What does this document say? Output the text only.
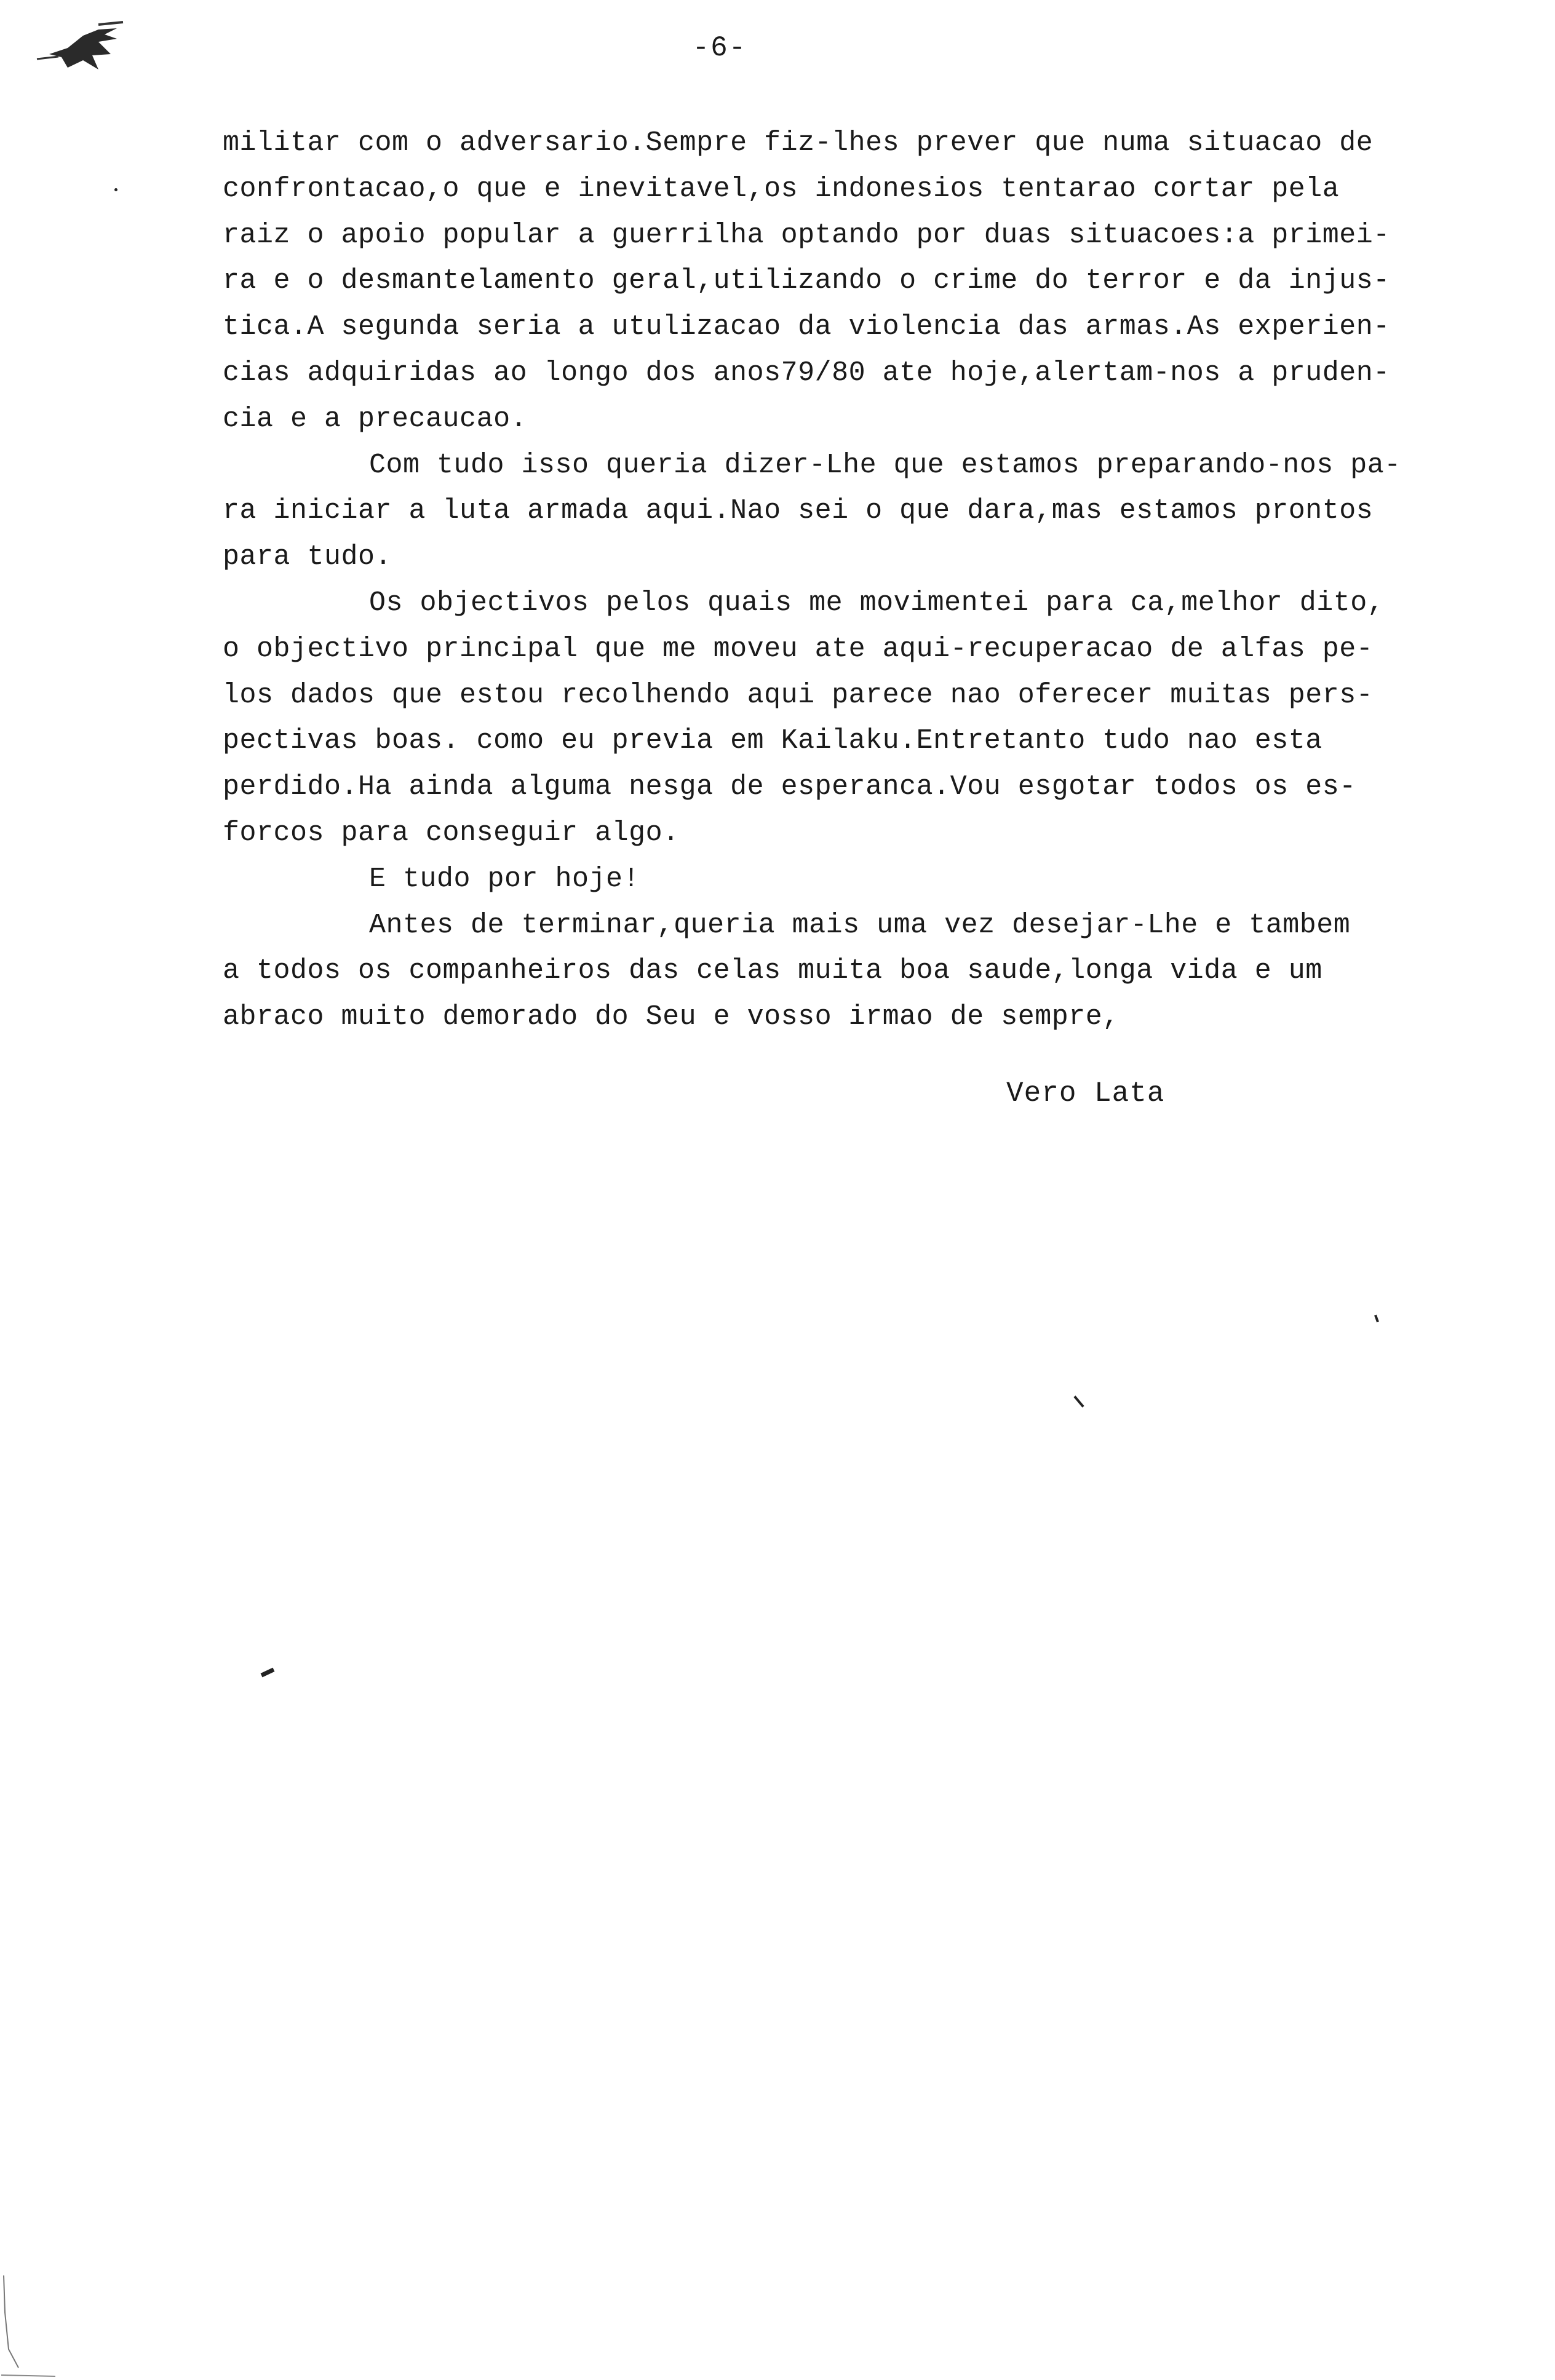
-6-
militar com o adversario.Sempre fiz-lhes prever que numa situacao de
confrontacao,o que e inevitavel,os indonesios tentarao cortar pela
raiz o apoio popular a guerrilha optando por duas situacoes:a primei-
ra e o desmantelamento geral,utilizando o crime do terror e da injus-
tica.A segunda seria a utulizacao da violencia das armas.As experien-
cias adquiridas ao longo dos anos79/80 ate hoje,alertam-nos a pruden-
cia e a precaucao.
Com tudo isso queria dizer-Lhe que estamos preparando-nos pa-
ra iniciar a luta armada aqui.Nao sei o que dara,mas estamos prontos
para tudo.
Os objectivos pelos quais me movimentei para ca,melhor dito,
o objectivo principal que me moveu ate aqui-recuperacao de alfas pe-
los dados que estou recolhendo aqui parece nao oferecer muitas pers-
pectivas boas. como eu previa em Kailaku.Entretanto tudo nao esta
perdido.Ha ainda alguma nesga de esperanca.Vou esgotar todos os es-
forcos para conseguir algo.
E tudo por hoje!
Antes de terminar,queria mais uma vez desejar-Lhe e tambem
a todos os companheiros das celas muita boa saude,longa vida e um
abraco muito demorado do Seu e vosso irmao de sempre,
Vero Lata
